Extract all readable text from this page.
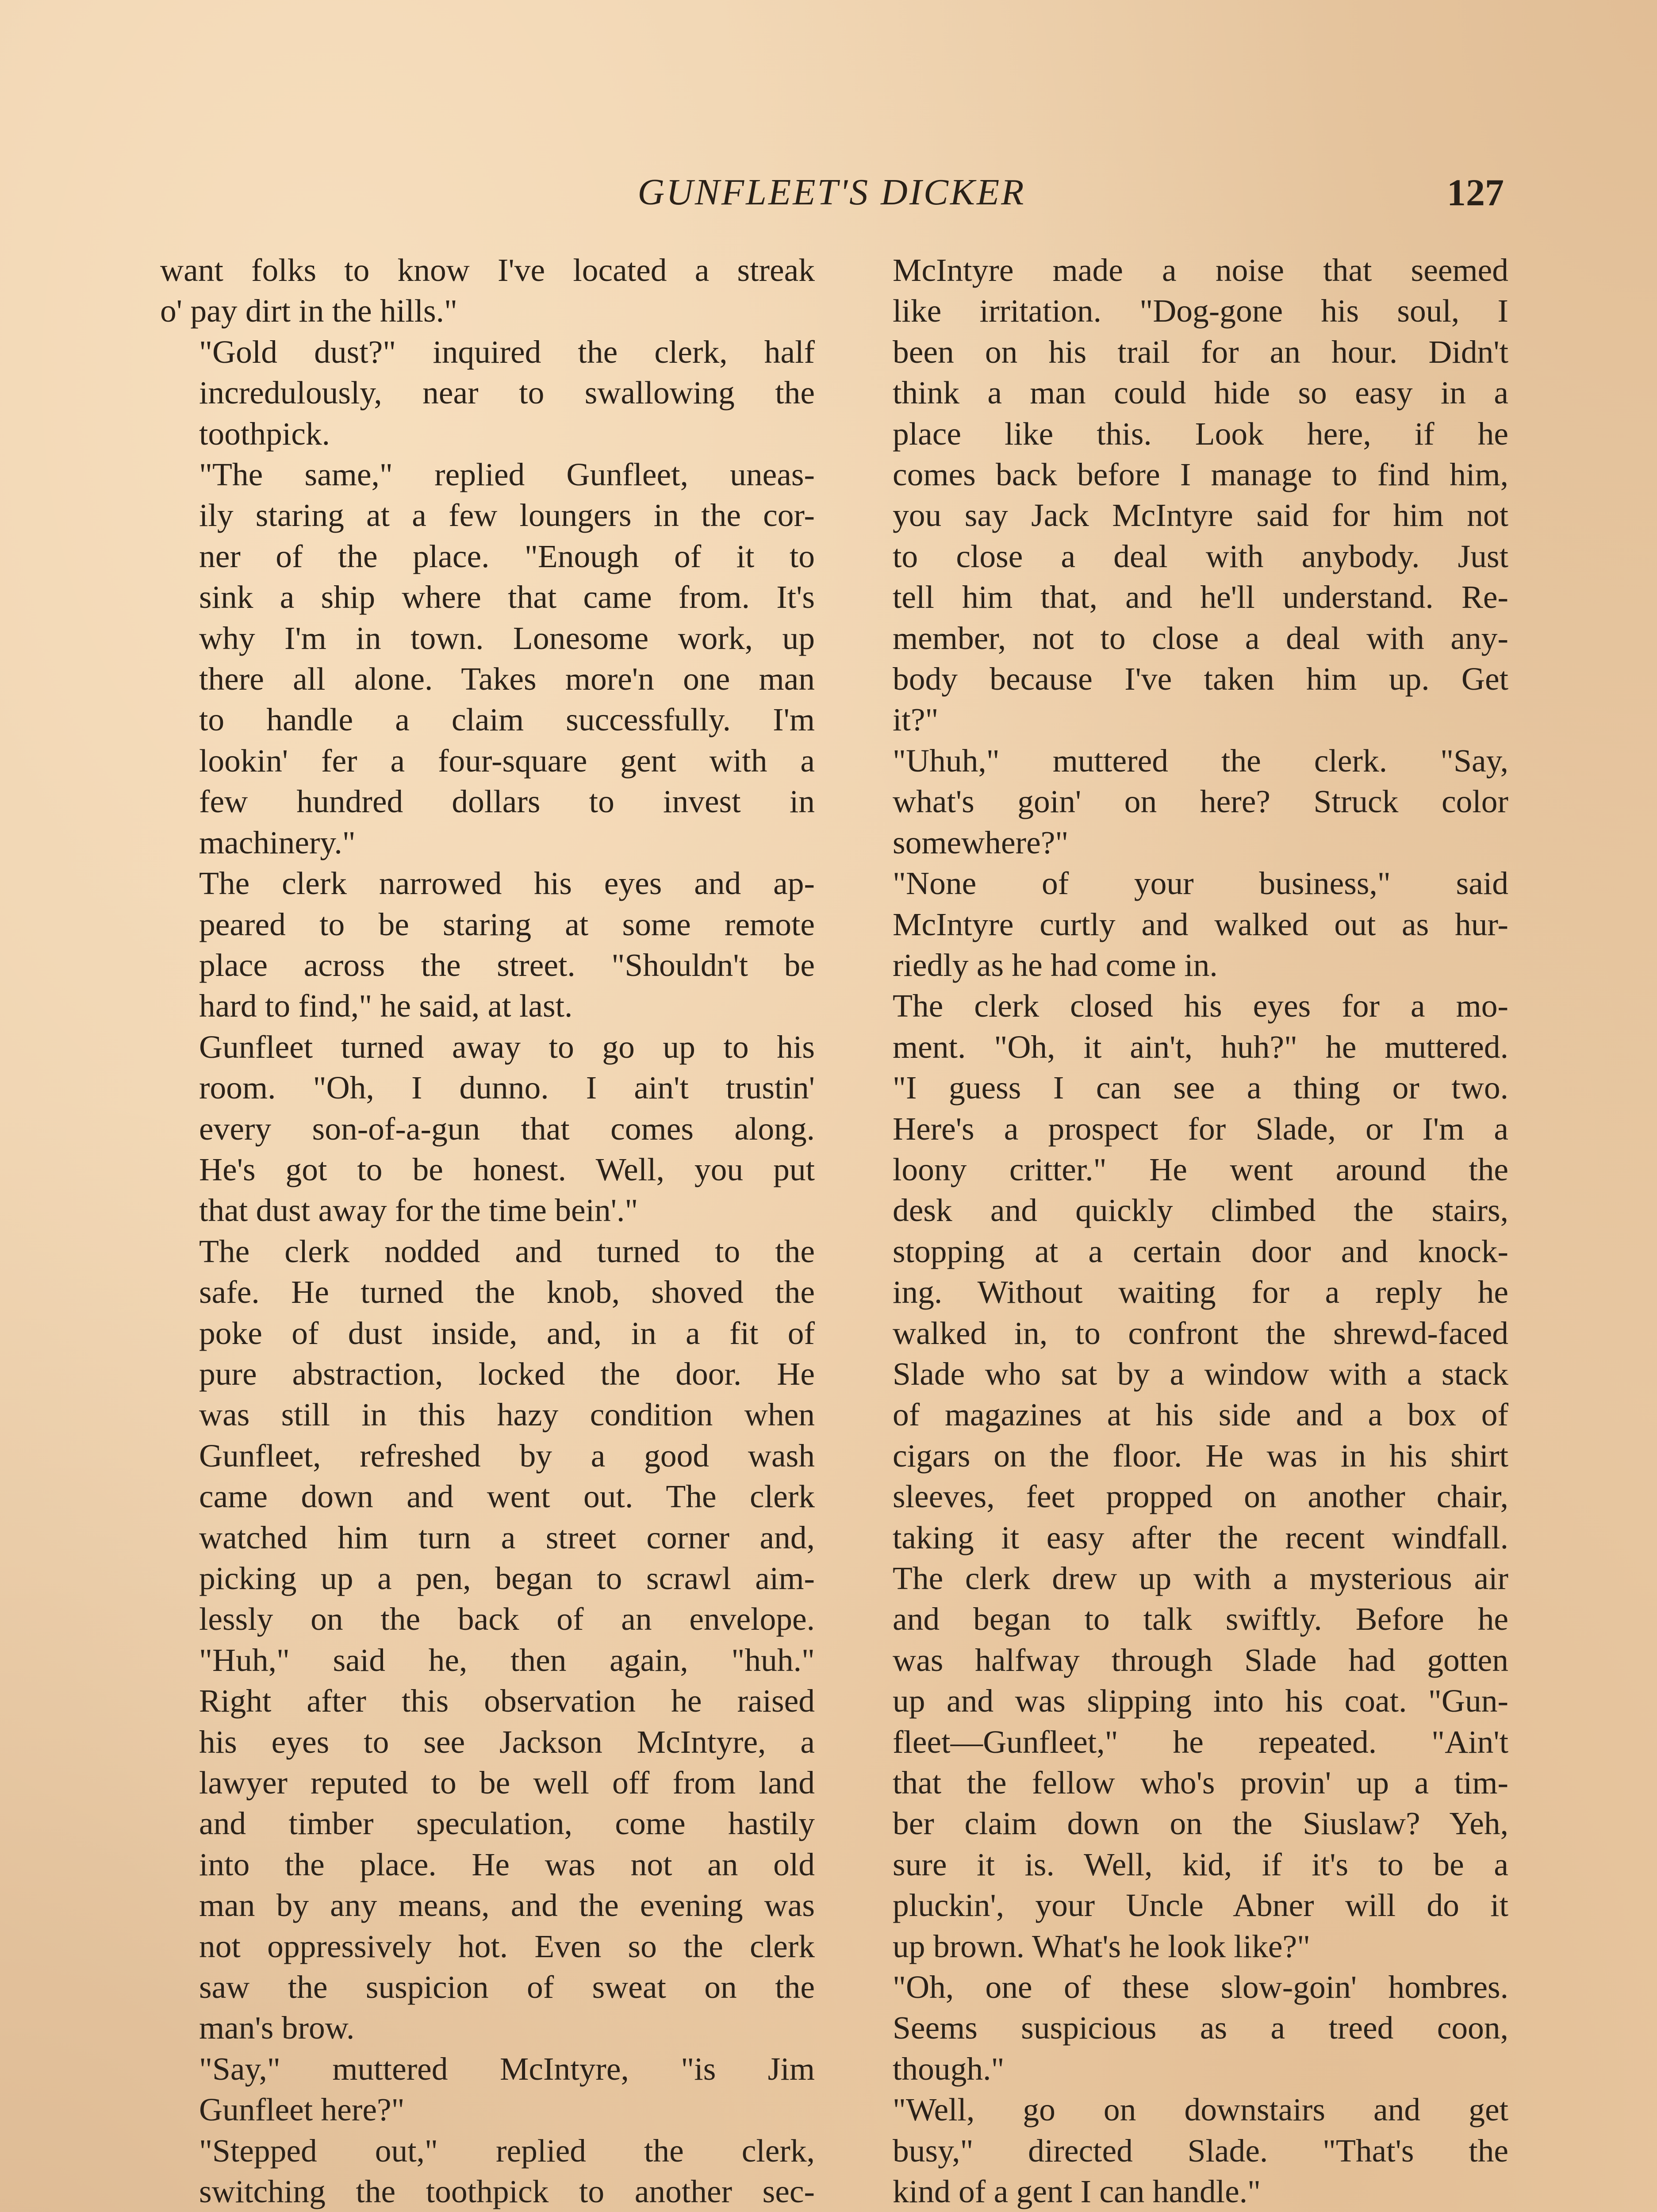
GUNFLEET'S DICKER	127

want folks to know I've located a streak
o' pay dirt in the hills."

"Gold dust?" inquired the clerk, half
incredulously, near to swallowing the
toothpick.

"The same," replied Gunfleet, uneas-
ily staring at a few loungers in the cor-
ner of the place. "Enough of it to
sink a ship where that came from. It's
why I'm in town. Lonesome work, up
there all alone. Takes more'n one man
to handle a claim successfully. I'm
lookin' fer a four-square gent with a
few hundred dollars to invest in
machinery."

The clerk narrowed his eyes and ap-
peared to be staring at some remote
place across the street. "Shouldn't be
hard to find," he said, at last.

Gunfleet turned away to go up to his
room. "Oh, I dunno. I ain't trustin'
every son-of-a-gun that comes along.
He's got to be honest. Well, you put
that dust away for the time bein'."

The clerk nodded and turned to the
safe. He turned the knob, shoved the
poke of dust inside, and, in a fit of
pure abstraction, locked the door. He
was still in this hazy condition when
Gunfleet, refreshed by a good wash
came down and went out. The clerk
watched him turn a street corner and,
picking up a pen, began to scrawl aim-
lessly on the back of an envelope.
"Huh," said he, then again, "huh."
Right after this observation he raised
his eyes to see Jackson McIntyre, a
lawyer reputed to be well off from land
and timber speculation, come hastily
into the place. He was not an old
man by any means, and the evening was
not oppressively hot. Even so the clerk
saw the suspicion of sweat on the
man's brow.

"Say," muttered McIntyre, "is Jim
Gunfleet here?"

"Stepped out," replied the clerk,
switching the toothpick to another sec-

McIntyre made a noise that seemed
like irritation. "Dog-gone his soul, I
been on his trail for an hour. Didn't
think a man could hide so easy in a
place like this. Look here, if he
comes back before I manage to find him,
you say Jack McIntyre said for him not
to close a deal with anybody. Just
tell him that, and he'll understand. Re-
member, not to close a deal with any-
body because I've taken him up. Get
it?"

"Uhuh," muttered the clerk. "Say,
what's goin' on here? Struck color
somewhere?"

"None of your business," said
McIntyre curtly and walked out as hur-
riedly as he had come in.

The clerk closed his eyes for a mo-
ment. "Oh, it ain't, huh?" he muttered.
"I guess I can see a thing or two.
Here's a prospect for Slade, or I'm a
loony critter." He went around the
desk and quickly climbed the stairs,
stopping at a certain door and knock-
ing. Without waiting for a reply he
walked in, to confront the shrewd-faced
Slade who sat by a window with a stack
of magazines at his side and a box of
cigars on the floor. He was in his shirt
sleeves, feet propped on another chair,
taking it easy after the recent windfall.
The clerk drew up with a mysterious air
and began to talk swiftly. Before he
was halfway through Slade had gotten
up and was slipping into his coat. "Gun-
fleet—Gunfleet," he repeated. "Ain't
that the fellow who's provin' up a tim-
ber claim down on the Siuslaw? Yeh,
sure it is. Well, kid, if it's to be a
pluckin', your Uncle Abner will do it
up brown. What's he look like?"

"Oh, one of these slow-goin' hombres.
Seems suspicious as a treed coon,
though."

"Well, go on downstairs and get
busy," directed Slade. "That's the
kind of a gent I can handle."
